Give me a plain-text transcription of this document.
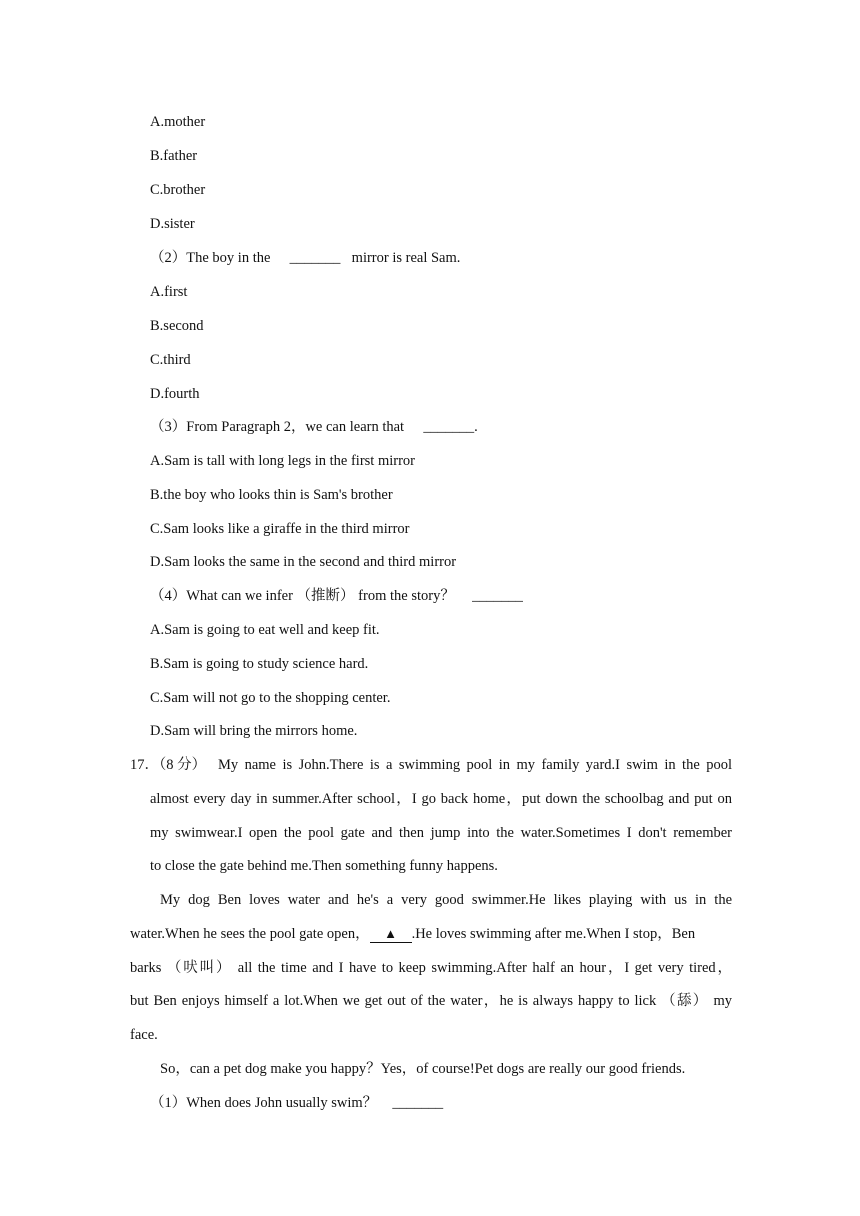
A.mother
B.father
C.brother
D.sister
（2）The boy in the _______ mirror is real Sam.
A.first
B.second
C.third
D.fourth
（3）From Paragraph 2，we can learn that _______.
A.Sam is tall with long legs in the first mirror
B.the boy who looks thin is Sam's brother
C.Sam looks like a giraffe in the third mirror
D.Sam looks the same in the second and third mirror
（4）What can we infer （推断） from the story？ _______
A.Sam is going to eat well and keep fit.
B.Sam is going to study science hard.
C.Sam will not go to the shopping center.
D.Sam will bring the mirrors home.
17．（8 分） My name is John.There is a swimming pool in my family yard.I swim in the pool
almost every day in summer.After school，I go back home，put down the schoolbag and put on
my swimwear.I open the pool gate and then jump into the water.Sometimes I don't remember
to close the gate behind me.Then something funny happens.
My dog Ben loves water and he's a very good swimmer.He likes playing with us in the
water.When he sees the pool gate open， ▲ .He loves swimming after me.When I stop，Ben
barks （吠叫） all the time and I have to keep swimming.After half an hour，I get very tired，
but Ben enjoys himself a lot.When we get out of the water，he is always happy to lick （舔） my
face.
So，can a pet dog make you happy？Yes，of course!Pet dogs are really our good friends.
（1）When does John usually swim？ _______
